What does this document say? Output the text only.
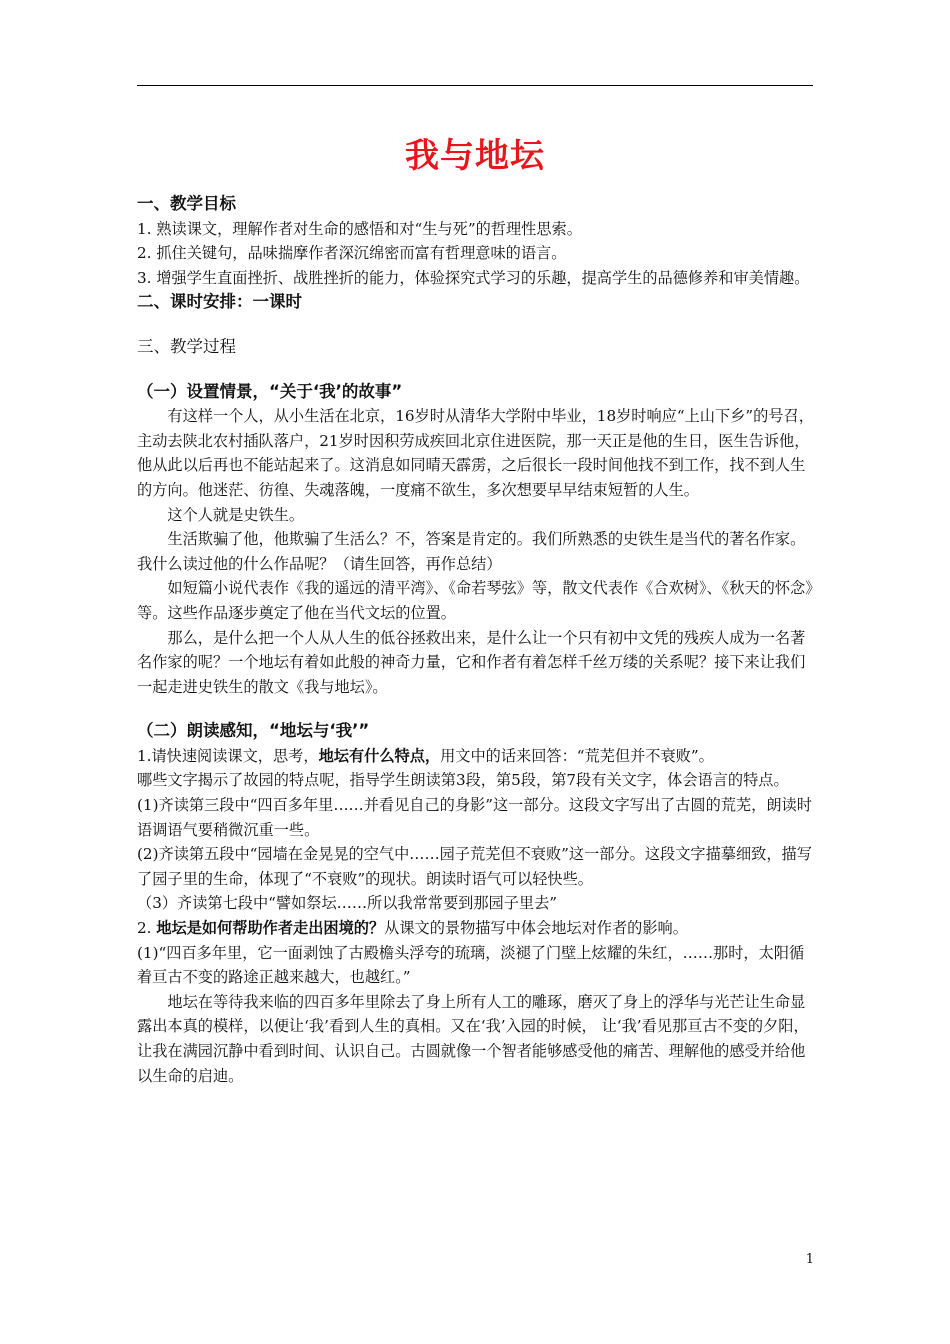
我与地坛

一、教学目标

1. 熟读课文，理解作者对生命的感悟和对“生与死”的哲理性思索。

2. 抓住关键句，品味揣摩作者深沉绵密而富有哲理意味的语言。

3. 增强学生直面挫折、战胜挫折的能力，体验探究式学习的乐趣，提高学生的品德修养和审美情趣。

二、课时安排：一课时

三、教学过程

（一）设置情景，“关于‘我’的故事”

有这样一个人，从小生活在北京，16岁时从清华大学附中毕业，18岁时响应“上山下乡”的号召，主动去陕北农村插队落户，21岁时因积劳成疾回北京住进医院，那一天正是他的生日，医生告诉他，他从此以后再也不能站起来了。这消息如同晴天霹雳，之后很长一段时间他找不到工作，找不到人生的方向。他迷茫、彷徨、失魂落魄，一度痛不欲生，多次想要早早结束短暂的人生。

这个人就是史铁生。

生活欺骗了他，他欺骗了生活么？不，答案是肯定的。我们所熟悉的史铁生是当代的著名作家。我什么读过他的什么作品呢？（请生回答，再作总结）

如短篇小说代表作《我的遥远的清平湾》、《命若琴弦》等，散文代表作《合欢树》、《秋天的怀念》等。这些作品逐步奠定了他在当代文坛的位置。

那么，是什么把一个人从人生的低谷拯救出来，是什么让一个只有初中文凭的残疾人成为一名著名作家的呢？一个地坛有着如此般的神奇力量，它和作者有着怎样千丝万缕的关系呢？接下来让我们一起走进史铁生的散文《我与地坛》。

（二）朗读感知，“地坛与‘我’”

1.请快速阅读课文，思考，地坛有什么特点，用文中的话来回答：“荒芜但并不衰败”。

哪些文字揭示了故园的特点呢，指导学生朗读第3段，第5段，第7段有关文字，体会语言的特点。

(1)齐读第三段中“四百多年里……并看见自己的身影”这一部分。这段文字写出了古圆的荒芜，朗读时语调语气要稍微沉重一些。

(2)齐读第五段中“园墙在金晃晃的空气中……园子荒芜但不衰败”这一部分。这段文字描摹细致，描写了园子里的生命，体现了“不衰败”的现状。朗读时语气可以轻快些。

（3）齐读第七段中“譬如祭坛……所以我常常要到那园子里去”

2. 地坛是如何帮助作者走出困境的？从课文的景物描写中体会地坛对作者的影响。

(1)“四百多年里，它一面剥蚀了古殿檐头浮夸的琉璃，淡褪了门壁上炫耀的朱红，……那时，太阳循着亘古不变的路途正越来越大，也越红。”

地坛在等待我来临的四百多年里除去了身上所有人工的雕琢，磨灭了身上的浮华与光芒让生命显露出本真的模样，以便让‘我’看到人生的真相。又在‘我’入园的时候， 让‘我’看见那亘古不变的夕阳，让我在满园沉静中看到时间、认识自己。古圆就像一个智者能够感受他的痛苦、理解他的感受并给他以生命的启迪。

1
